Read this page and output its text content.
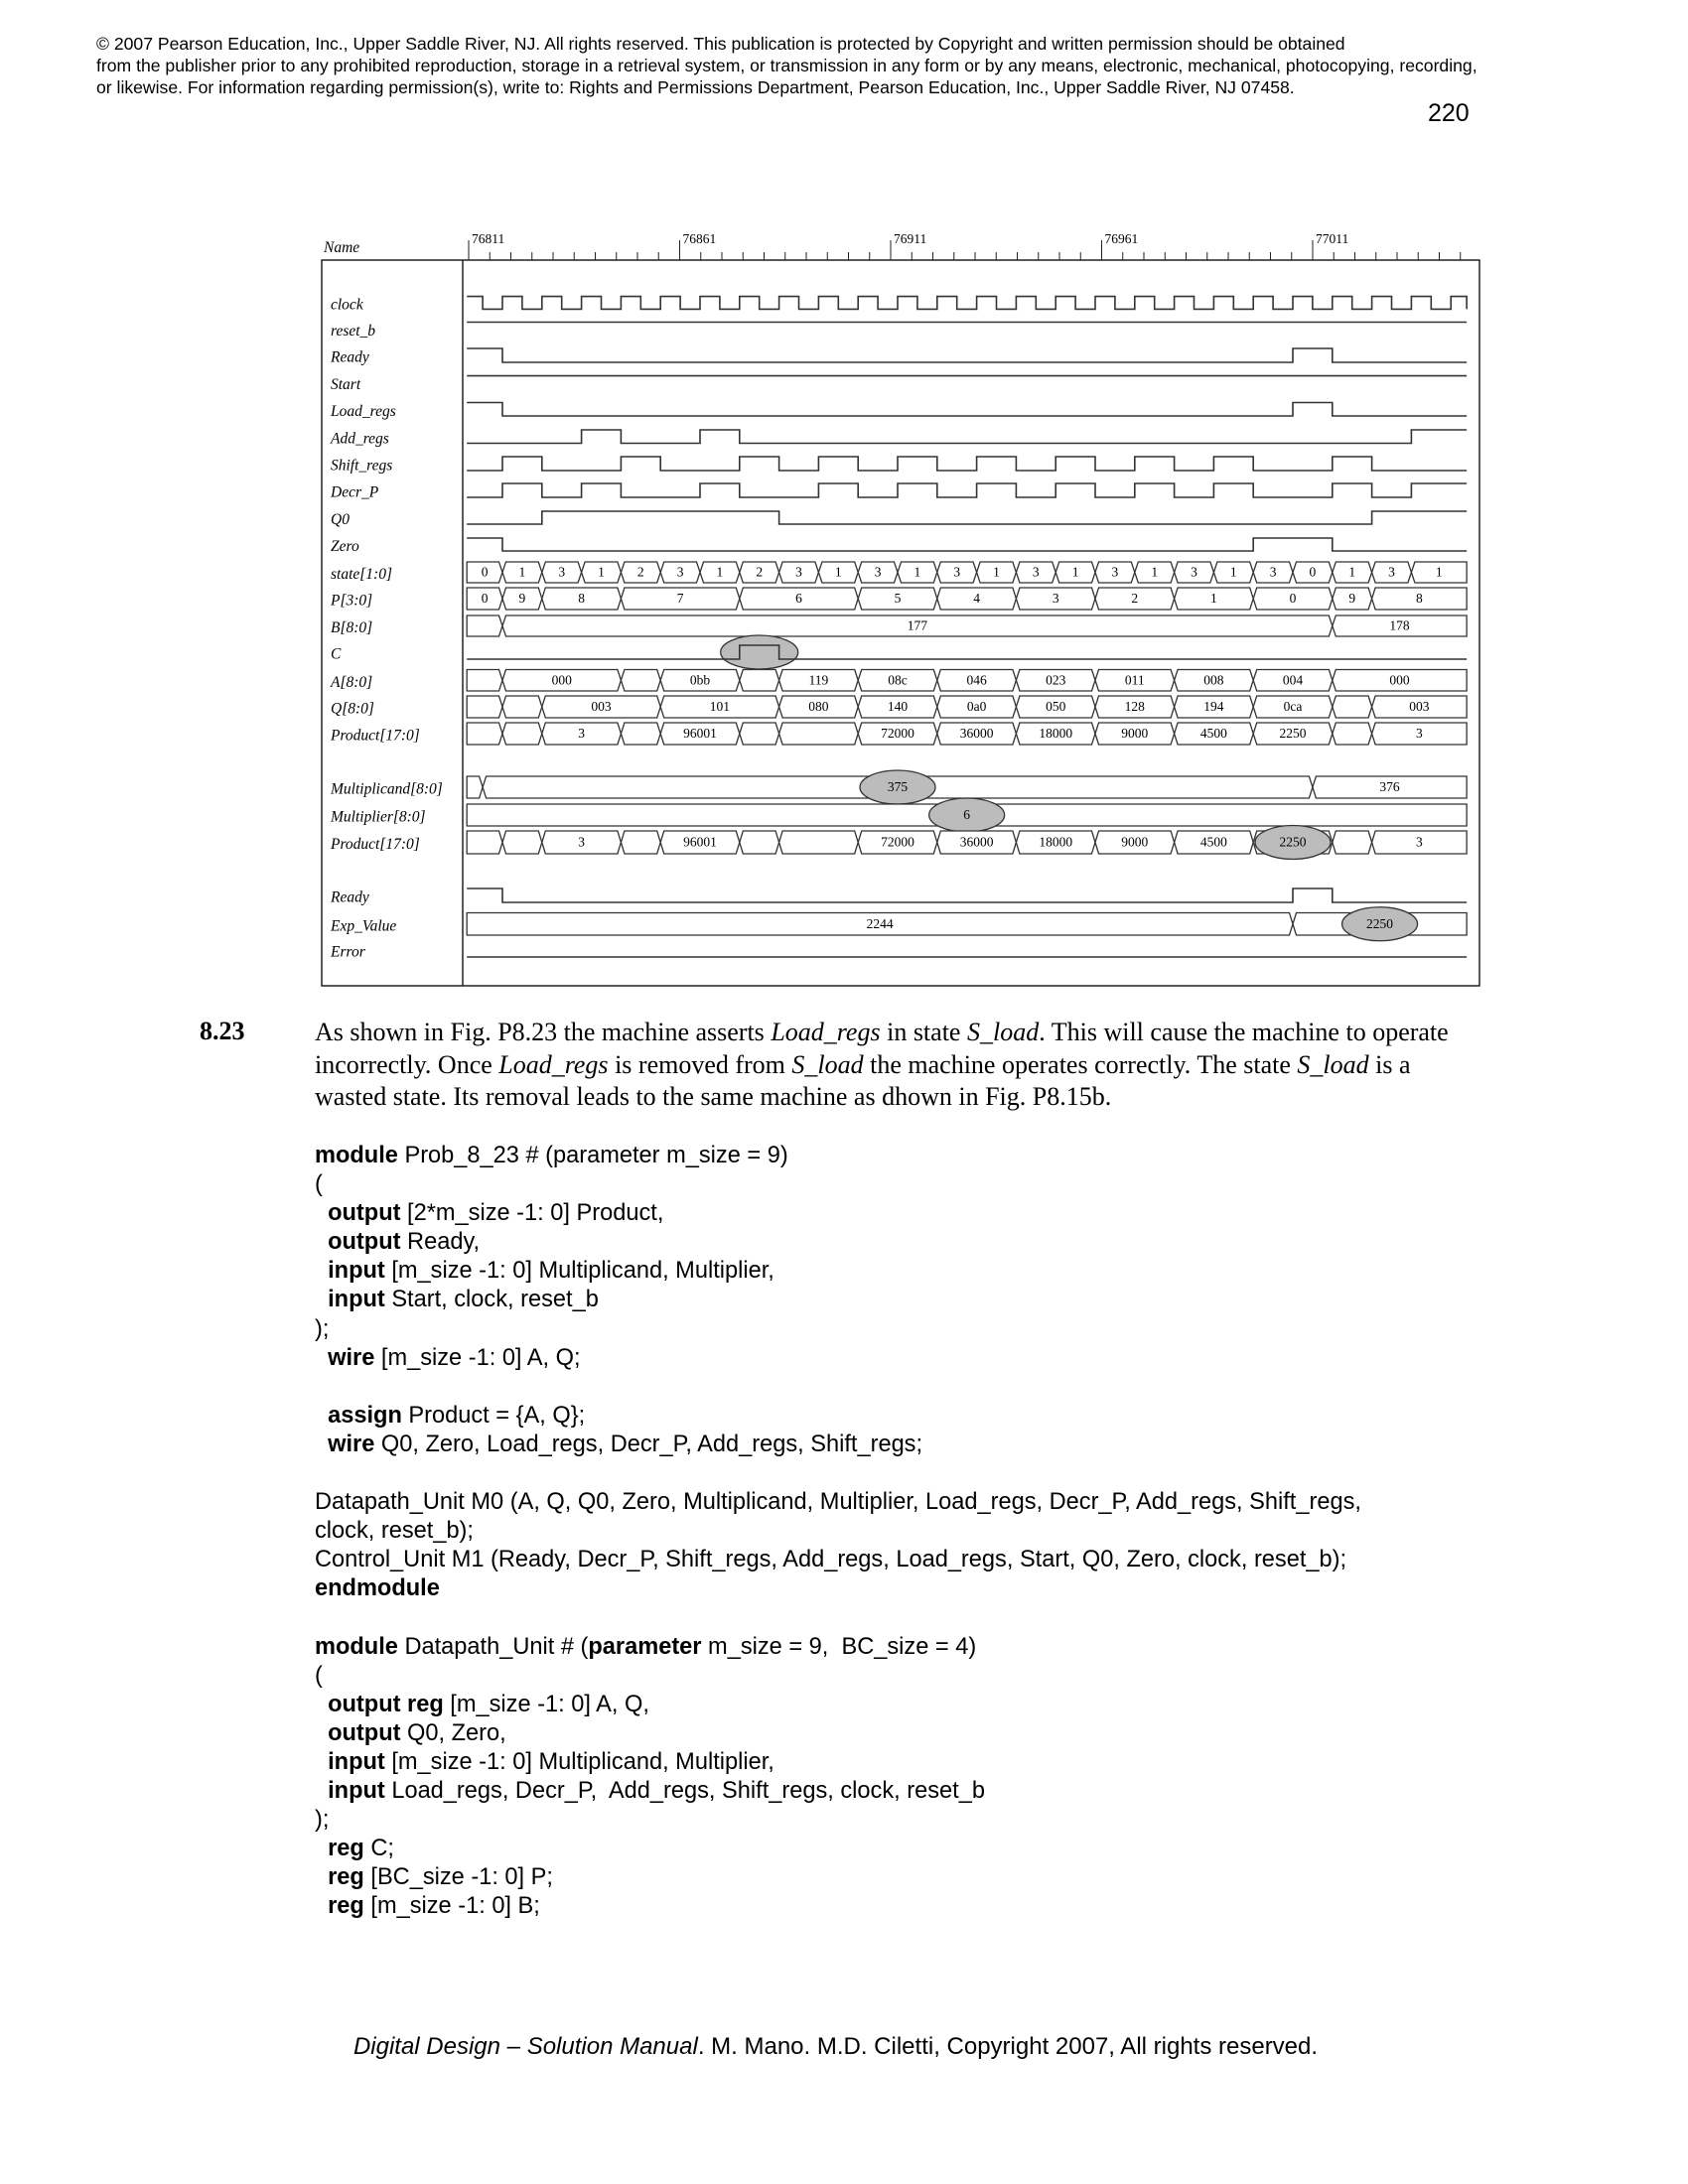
© 2007 Pearson Education, Inc., Upper Saddle River, NJ. All rights reserved. This publication is protected by Copyright and written permission should be obtained
from the publisher prior to any prohibited reproduction, storage in a retrieval system, or transmission in any form or by any means, electronic, mechanical, photocopying, recording,
or likewise. For information regarding permission(s), write to: Rights and Permissions Department, Pearson Education, Inc., Upper Saddle River, NJ 07458.
220
Name
76811	76861	76911	76961	77011
clock
reset_b
Ready
Start
Load_regs
Add_regs
Shift_regs
Decr_P
Q0
Zero
state[1:0]	0 1 3 1 2 3 1 2 3 1 3 1 3 1 3 1 3 1 3 1 3 0 1 3	1
P[3:0]	0 9	8	7	6	5	4	3	2	1	0	9	8
B[8:0]	177	178
C
A[8:0]	000	0bb	119	08c	046	023	011	008	004	000
Q[8:0]	003	101	080	140	0a0	050	128	194	0ca	003
Product[17:0]	3	96001	72000	36000	18000	9000	4500	2250	3
Multiplicand[8:0]	375	376
Multiplier[8:0]	6
Product[17:0]	3	96001	72000	36000	18000	9000	4500	2250	3
Ready
Exp_Value	2244	2250
Error
8.23	As shown in Fig. P8.23 the machine asserts Load_regs in state S_load. This will cause the machine to operate incorrectly. Once Load_regs is removed from S_load the machine operates correctly. The state S_load is a wasted state. Its removal leads to the same machine as dhown in Fig. P8.15b.
module Prob_8_23 # (parameter m_size = 9)
(
output [2*m_size -1: 0] Product,
output Ready,
input [m_size -1: 0] Multiplicand, Multiplier,
input Start, clock, reset_b
);
wire [m_size -1: 0] A, Q;
assign Product = {A, Q};
wire Q0, Zero, Load_regs, Decr_P, Add_regs, Shift_regs;
Datapath_Unit M0 (A, Q, Q0, Zero, Multiplicand, Multiplier, Load_regs, Decr_P, Add_regs, Shift_regs,
clock, reset_b);
Control_Unit M1 (Ready, Decr_P, Shift_regs, Add_regs, Load_regs, Start, Q0, Zero, clock, reset_b);
endmodule
module Datapath_Unit # (parameter m_size = 9,  BC_size = 4)
(
output reg [m_size -1: 0] A, Q,
output Q0, Zero,
input [m_size -1: 0] Multiplicand, Multiplier,
input Load_regs, Decr_P,  Add_regs, Shift_regs, clock, reset_b
);
reg C;
reg [BC_size -1: 0] P;
reg [m_size -1: 0] B;
Digital Design – Solution Manual. M. Mano. M.D. Ciletti, Copyright 2007, All rights reserved.
